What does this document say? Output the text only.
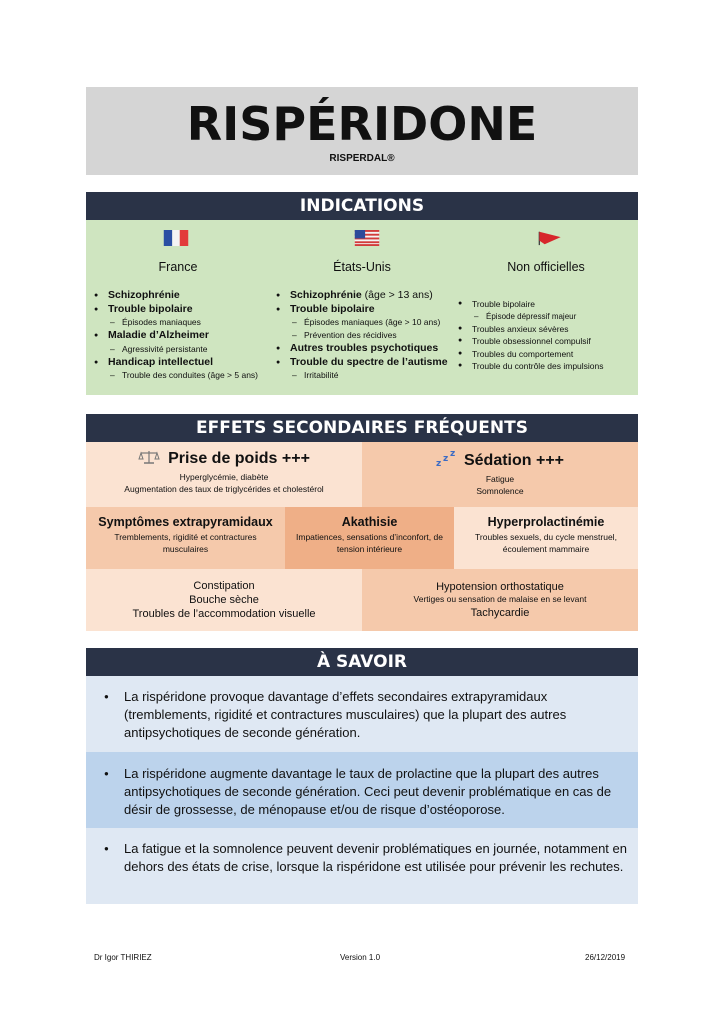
RISPÉRIDONE
RISPERDAL®
INDICATIONS
France
● Schizophrénie
● Trouble bipolaire
– Épisodes maniaques
● Maladie d’Alzheimer
– Agressivité persistante
● Handicap intellectuel
– Trouble des conduites (âge > 5 ans)
États-Unis
● Schizophrénie (âge > 13 ans)
● Trouble bipolaire
– Épisodes maniaques (âge > 10 ans)
– Prévention des récidives
● Autres troubles psychotiques
● Trouble du spectre de l’autisme
– Irritabilité
Non officielles
● Trouble bipolaire
– Épisode dépressif majeur
● Troubles anxieux sévères
● Trouble obsessionnel compulsif
● Troubles du comportement
● Trouble du contrôle des impulsions
EFFETS SECONDAIRES FRÉQUENTS
Prise de poids +++
Hyperglycémie, diabète
Augmentation des taux de triglycérides et cholestérol
z z z Sédation +++
Fatigue
Somnolence
Symptômes extrapyramidaux
Tremblements, rigidité et contractures
musculaires
Akathisie
Impatiences, sensations d’inconfort, de
tension intérieure
Hyperprolactinémie
Troubles sexuels, du cycle menstruel,
écoulement mammaire
Constipation
Bouche sèche
Troubles de l’accommodation visuelle
Hypotension orthostatique
Vertiges ou sensation de malaise en se levant
Tachycardie
À SAVOIR
● La rispéridone provoque davantage d’effets secondaires extrapyramidaux (tremblements, rigidité et contractures musculaires) que la plupart des autres antipsychotiques de seconde génération.
● La rispéridone augmente davantage le taux de prolactine que la plupart des autres antipsychotiques de seconde génération. Ceci peut devenir problématique en cas de désir de grossesse, de ménopause et/ou de risque d’ostéoporose.
● La fatigue et la somnolence peuvent devenir problématiques en journée, notamment en dehors des états de crise, lorsque la rispéridone est utilisée pour prévenir les rechutes.
Dr Igor THIRIEZ	Version 1.0	26/12/2019
